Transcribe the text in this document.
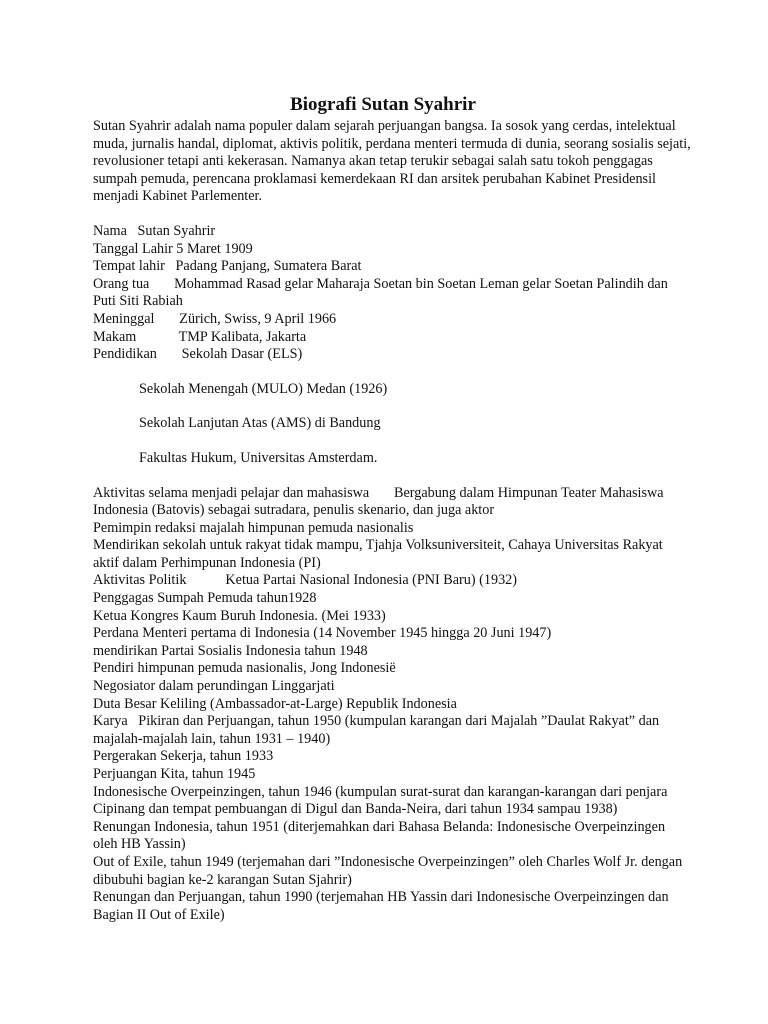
Biografi Sutan Syahrir

Sutan Syahrir adalah nama populer dalam sejarah perjuangan bangsa. Ia sosok yang cerdas, intelektual muda, jurnalis handal, diplomat, aktivis politik, perdana menteri termuda di dunia, seorang sosialis sejati, revolusioner tetapi anti kekerasan. Namanya akan tetap terukir sebagai salah satu tokoh penggagas sumpah pemuda, perencana proklamasi kemerdekaan RI dan arsitek perubahan Kabinet Presidensil menjadi Kabinet Parlementer.

Nama   Sutan Syahrir

Tanggal Lahir 5 Maret 1909

Tempat lahir   Padang Panjang, Sumatera Barat

Orang tua       Mohammad Rasad gelar Maharaja Soetan bin Soetan Leman gelar Soetan Palindih dan Puti Siti Rabiah

Meninggal       Zürich, Swiss, 9 April 1966

Makam            TMP Kalibata, Jakarta

Pendidikan       Sekolah Dasar (ELS)

Sekolah Menengah (MULO) Medan (1926)

Sekolah Lanjutan Atas (AMS) di Bandung

Fakultas Hukum, Universitas Amsterdam.

Aktivitas selama menjadi pelajar dan mahasiswa       Bergabung dalam Himpunan Teater Mahasiswa Indonesia (Batovis) sebagai sutradara, penulis skenario, dan juga aktor

Pemimpin redaksi majalah himpunan pemuda nasionalis

Mendirikan sekolah untuk rakyat tidak mampu, Tjahja Volksuniversiteit, Cahaya Universitas Rakyat

aktif dalam Perhimpunan Indonesia (PI)

Aktivitas Politik           Ketua Partai Nasional Indonesia (PNI Baru) (1932)

Penggagas Sumpah Pemuda tahun1928

Ketua Kongres Kaum Buruh Indonesia. (Mei 1933)

Perdana Menteri pertama di Indonesia (14 November 1945 hingga 20 Juni 1947)

mendirikan Partai Sosialis Indonesia tahun 1948

Pendiri himpunan pemuda nasionalis, Jong Indonesië

Negosiator dalam perundingan Linggarjati

Duta Besar Keliling (Ambassador-at-Large) Republik Indonesia

Karya   Pikiran dan Perjuangan, tahun 1950 (kumpulan karangan dari Majalah ”Daulat Rakyat” dan majalah-majalah lain, tahun 1931 – 1940)

Pergerakan Sekerja, tahun 1933

Perjuangan Kita, tahun 1945

Indonesische Overpeinzingen, tahun 1946 (kumpulan surat-surat dan karangan-karangan dari penjara Cipinang dan tempat pembuangan di Digul dan Banda-Neira, dari tahun 1934 sampau 1938)

Renungan Indonesia, tahun 1951 (diterjemahkan dari Bahasa Belanda: Indonesische Overpeinzingen oleh HB Yassin)

Out of Exile, tahun 1949 (terjemahan dari ”Indonesische Overpeinzingen” oleh Charles Wolf Jr. dengan dibubuhi bagian ke-2 karangan Sutan Sjahrir)

Renungan dan Perjuangan, tahun 1990 (terjemahan HB Yassin dari Indonesische Overpeinzingen dan Bagian II Out of Exile)
